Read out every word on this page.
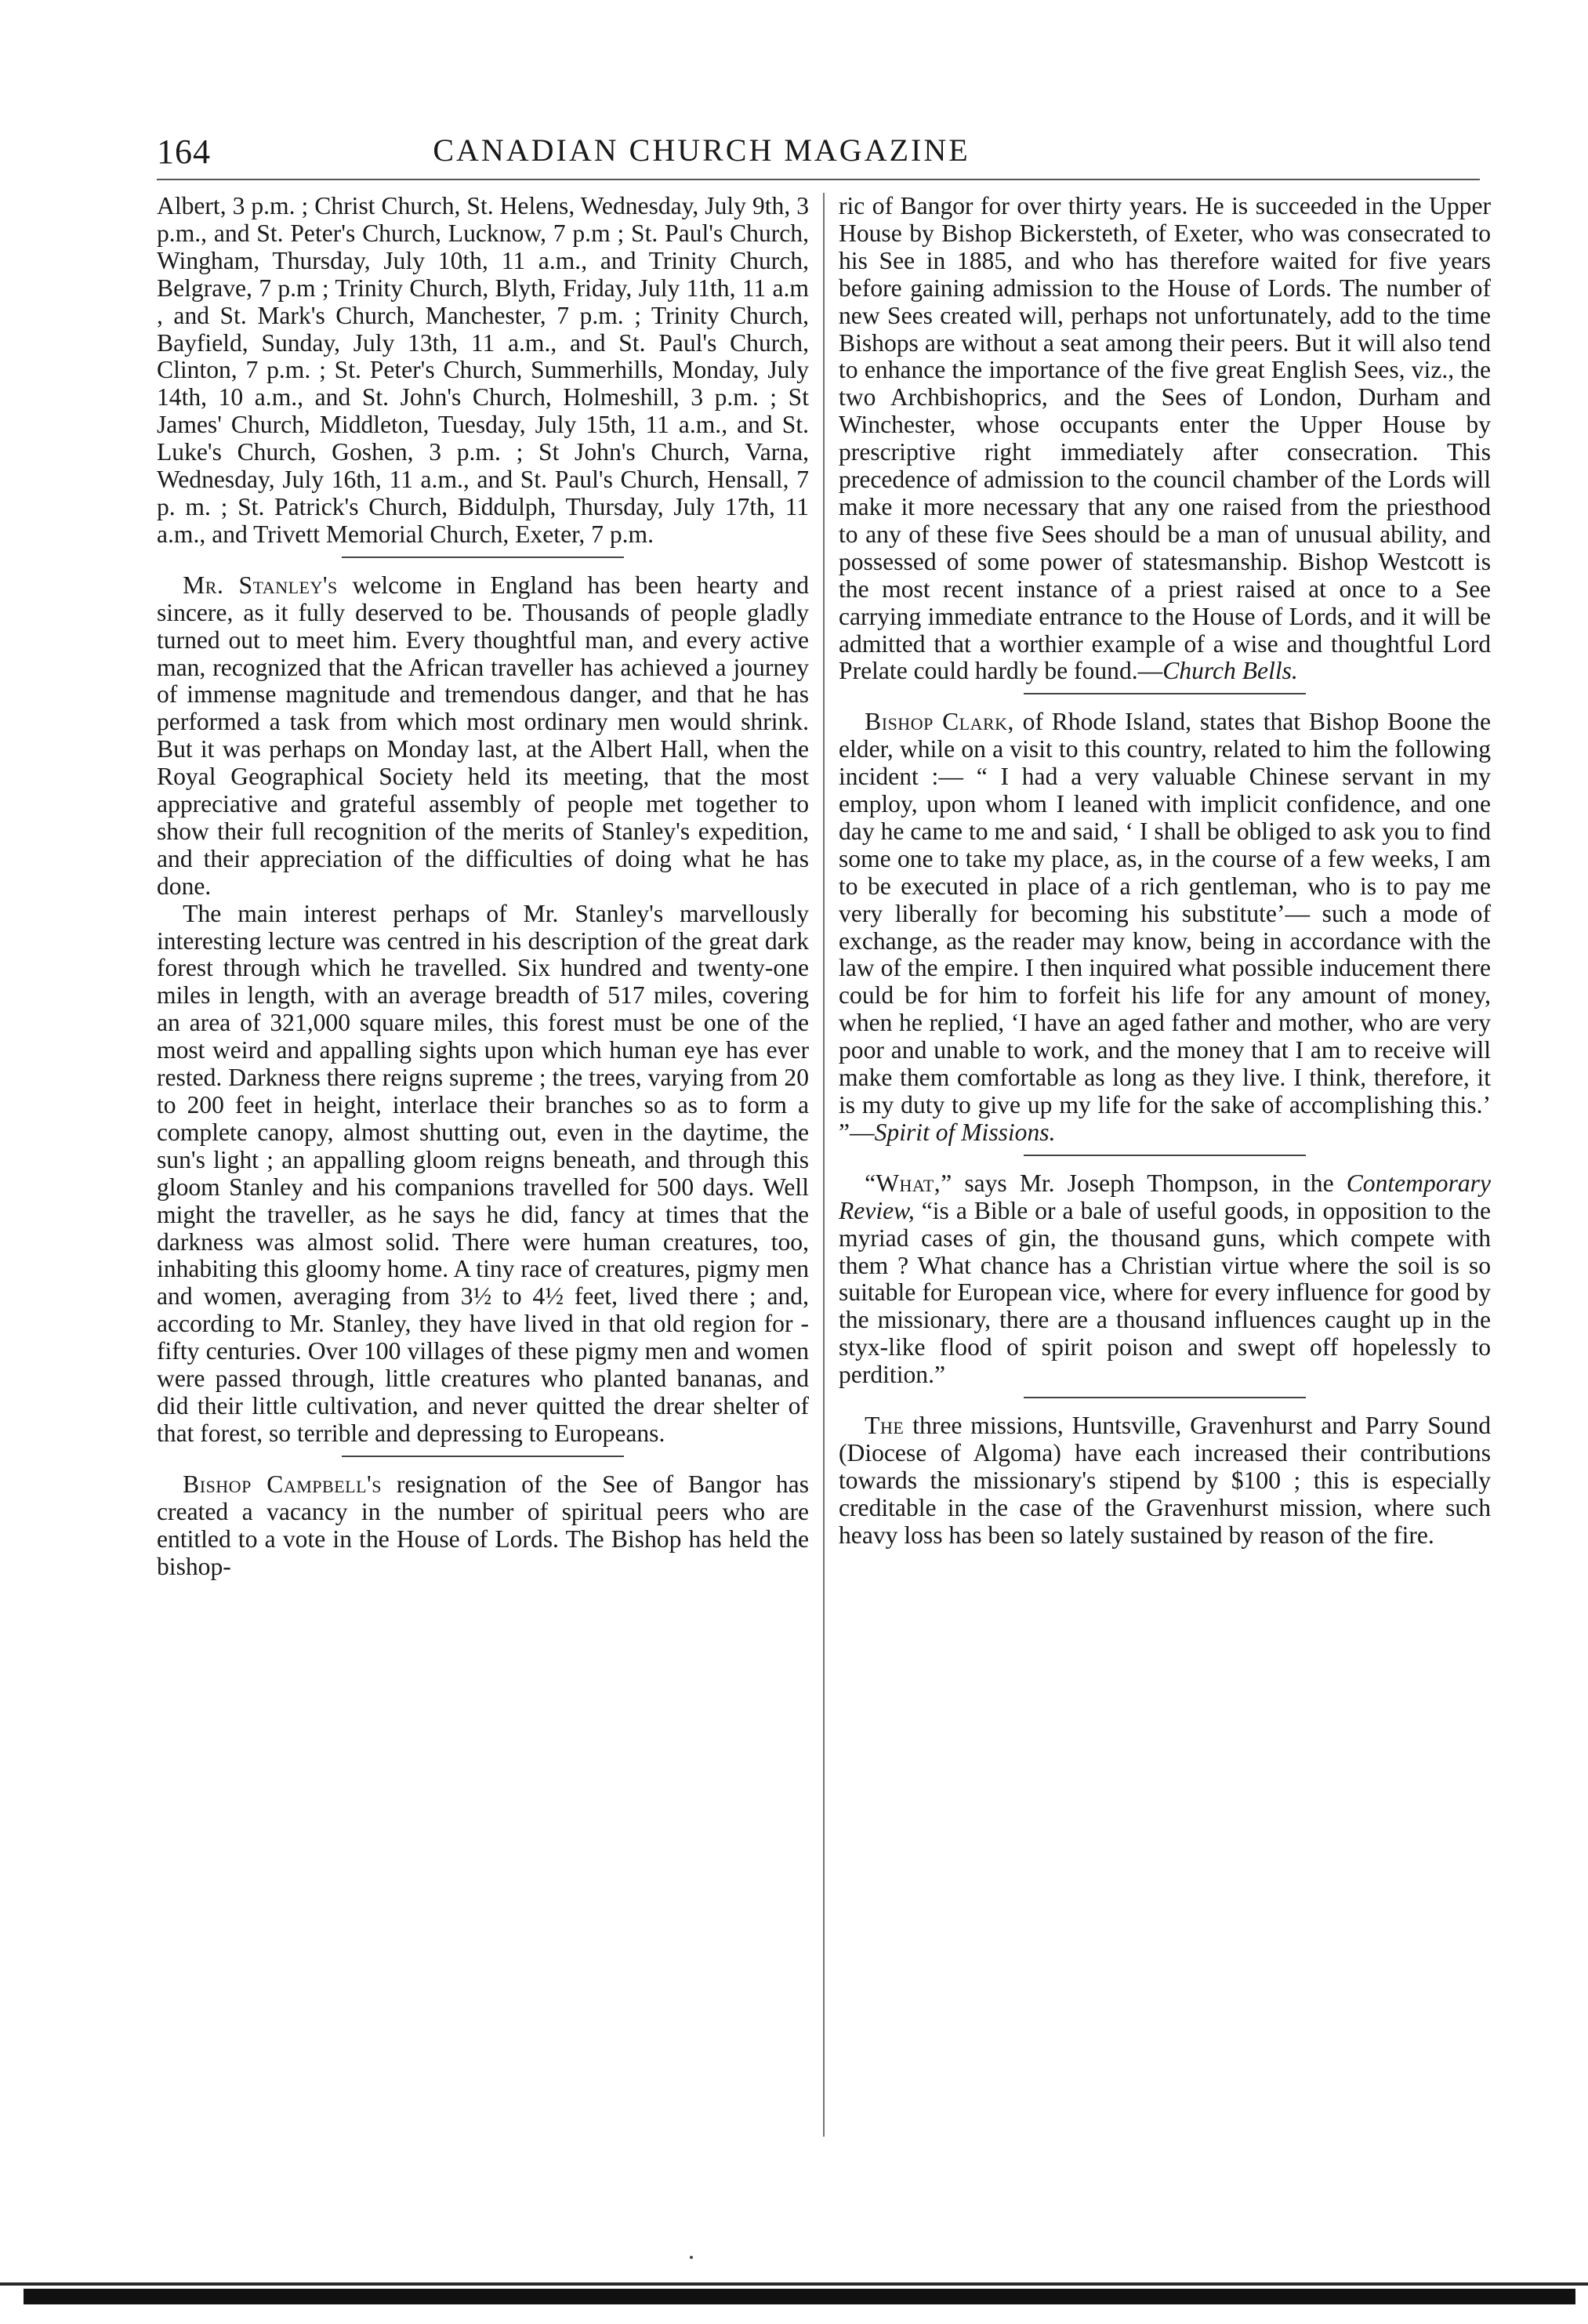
164	CANADIAN CHURCH MAGAZINE

Albert, 3 p.m. ; Christ Church, St. Helens, Wednesday, July 9th, 3 p.m., and St. Peter's Church, Lucknow, 7 p.m ; St. Paul's Church, Wingham, Thursday, July 10th, 11 a.m., and Trinity Church, Belgrave, 7 p.m ; Trinity Church, Blyth, Friday, July 11th, 11 a.m , and St. Mark's Church, Manchester, 7 p.m. ; Trinity Church, Bayfield, Sunday, July 13th, 11 a.m., and St. Paul's Church, Clinton, 7 p.m. ; St. Peter's Church, Summerhills, Monday, July 14th, 10 a.m., and St. John's Church, Holmeshill, 3 p.m. ; St James' Church, Middleton, Tuesday, July 15th, 11 a.m., and St. Luke's Church, Goshen, 3 p.m. ; St John's Church, Varna, Wednesday, July 16th, 11 a.m., and St. Paul's Church, Hensall, 7 p. m. ; St. Patrick's Church, Biddulph, Thursday, July 17th, 11 a.m., and Trivett Memorial Church, Exeter, 7 p.m.

Mr. Stanley's welcome in England has been hearty and sincere, as it fully deserved to be. Thousands of people gladly turned out to meet him. Every thoughtful man, and every active man, recognized that the African traveller has achieved a journey of immense magnitude and tremendous danger, and that he has performed a task from which most ordinary men would shrink. But it was perhaps on Monday last, at the Albert Hall, when the Royal Geographical Society held its meeting, that the most appreciative and grateful assembly of people met together to show their full recognition of the merits of Stanley's expedition, and their appreciation of the difficulties of doing what he has done.

The main interest perhaps of Mr. Stanley's marvellously interesting lecture was centred in his description of the great dark forest through which he travelled. Six hundred and twenty-one miles in length, with an average breadth of 517 miles, covering an area of 321,000 square miles, this forest must be one of the most weird and appalling sights upon which human eye has ever rested. Darkness there reigns supreme ; the trees, varying from 20 to 200 feet in height, interlace their branches so as to form a complete canopy, almost shutting out, even in the daytime, the sun's light ; an appalling gloom reigns beneath, and through this gloom Stanley and his companions travelled for 500 days. Well might the traveller, as he says he did, fancy at times that the darkness was almost solid. There were human creatures, too, inhabiting this gloomy home. A tiny race of creatures, pigmy men and women, averaging from 3½ to 4½ feet, lived there ; and, according to Mr. Stanley, they have lived in that old region for - fifty centuries. Over 100 villages of these pigmy men and women were passed through, little creatures who planted bananas, and did their little cultivation, and never quitted the drear shelter of that forest, so terrible and depressing to Europeans.

Bishop Campbell's resignation of the See of Bangor has created a vacancy in the number of spiritual peers who are entitled to a vote in the House of Lords. The Bishop has held the bishop-

ric of Bangor for over thirty years. He is succeeded in the Upper House by Bishop Bickersteth, of Exeter, who was consecrated to his See in 1885, and who has therefore waited for five years before gaining admission to the House of Lords. The number of new Sees created will, perhaps not unfortunately, add to the time Bishops are without a seat among their peers. But it will also tend to enhance the importance of the five great English Sees, viz., the two Archbishoprics, and the Sees of London, Durham and Winchester, whose occupants enter the Upper House by prescriptive right immediately after consecration. This precedence of admission to the council chamber of the Lords will make it more necessary that any one raised from the priesthood to any of these five Sees should be a man of unusual ability, and possessed of some power of statesmanship. Bishop Westcott is the most recent instance of a priest raised at once to a See carrying immediate entrance to the House of Lords, and it will be admitted that a worthier example of a wise and thoughtful Lord Prelate could hardly be found.—Church Bells.

Bishop Clark, of Rhode Island, states that Bishop Boone the elder, while on a visit to this country, related to him the following incident :— “ I had a very valuable Chinese servant in my employ, upon whom I leaned with implicit confidence, and one day he came to me and said, ‘ I shall be obliged to ask you to find some one to take my place, as, in the course of a few weeks, I am to be executed in place of a rich gentleman, who is to pay me very liberally for becoming his substitute’— such a mode of exchange, as the reader may know, being in accordance with the law of the empire. I then inquired what possible inducement there could be for him to forfeit his life for any amount of money, when he replied, ‘I have an aged father and mother, who are very poor and unable to work, and the money that I am to receive will make them comfortable as long as they live. I think, therefore, it is my duty to give up my life for the sake of accomplishing this.’ ”—Spirit of Missions.

“What,” says Mr. Joseph Thompson, in the Contemporary Review, “is a Bible or a bale of useful goods, in opposition to the myriad cases of gin, the thousand guns, which compete with them ? What chance has a Christian virtue where the soil is so suitable for European vice, where for every influence for good by the missionary, there are a thousand influences caught up in the styx-like flood of spirit poison and swept off hopelessly to perdition.”

The three missions, Huntsville, Gravenhurst and Parry Sound (Diocese of Algoma) have each increased their contributions towards the missionary's stipend by $100 ; this is especially creditable in the case of the Gravenhurst mission, where such heavy loss has been so lately sustained by reason of the fire.
